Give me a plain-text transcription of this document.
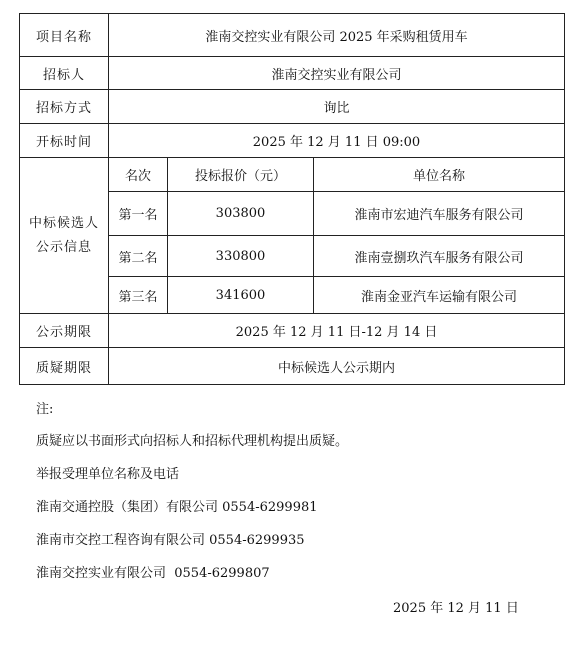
项目名称	淮南交控实业有限公司 2025 年采购租赁用车		
招标人	淮南交控实业有限公司		
招标方式	询比		
开标时间	2025 年 12 月 11 日 09:00		
中标候选人
公示信息	名次	投标报价（元）	单位名称
	第一名	303800	淮南市宏迪汽车服务有限公司
	第二名	330800	淮南壹捌玖汽车服务有限公司
	第三名	341600	淮南金亚汽车运输有限公司
公示期限	2025 年 12 月 11 日-12 月 14 日		
质疑期限	中标候选人公示期内		

注:

质疑应以书面形式向招标人和招标代理机构提出质疑。

举报受理单位名称及电话

淮南交通控股（集团）有限公司 0554-6299981

淮南市交控工程咨询有限公司 0554-6299935

淮南交控实业有限公司  0554-6299807

2025 年 12 月 11 日
